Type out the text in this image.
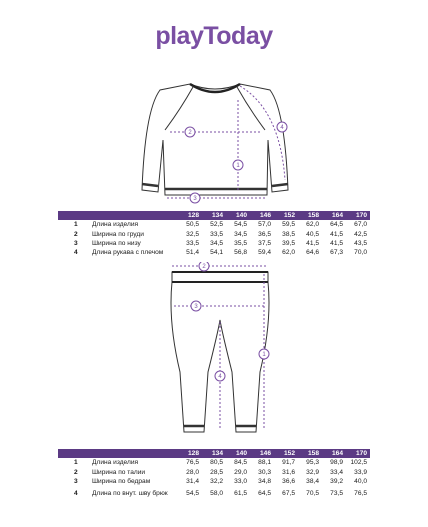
playToday
1
2
3
4
		128	134	140	146	152	158	164	170
1	Длина изделия	50,5	52,5	54,5	57,0	59,5	62,0	64,5	67,0
2	Ширина по груди	32,5	33,5	34,5	36,5	38,5	40,5	41,5	42,5
3	Ширина по низу	33,5	34,5	35,5	37,5	39,5	41,5	41,5	43,5
4	Длина рукава с плечом	51,4	54,1	56,8	59,4	62,0	64,6	67,3	70,0
1
2
3
4
		128	134	140	146	152	158	164	170
1	Длина изделия	76,5	80,5	84,5	88,1	91,7	95,3	98,9	102,5
2	Ширина по талии	28,0	28,5	29,0	30,3	31,6	32,9	33,4	33,9
3	Ширина по бедрам	31,4	32,2	33,0	34,8	36,6	38,4	39,2	40,0
4	Длина по внут. шву брюк	54,5	58,0	61,5	64,5	67,5	70,5	73,5	76,5
